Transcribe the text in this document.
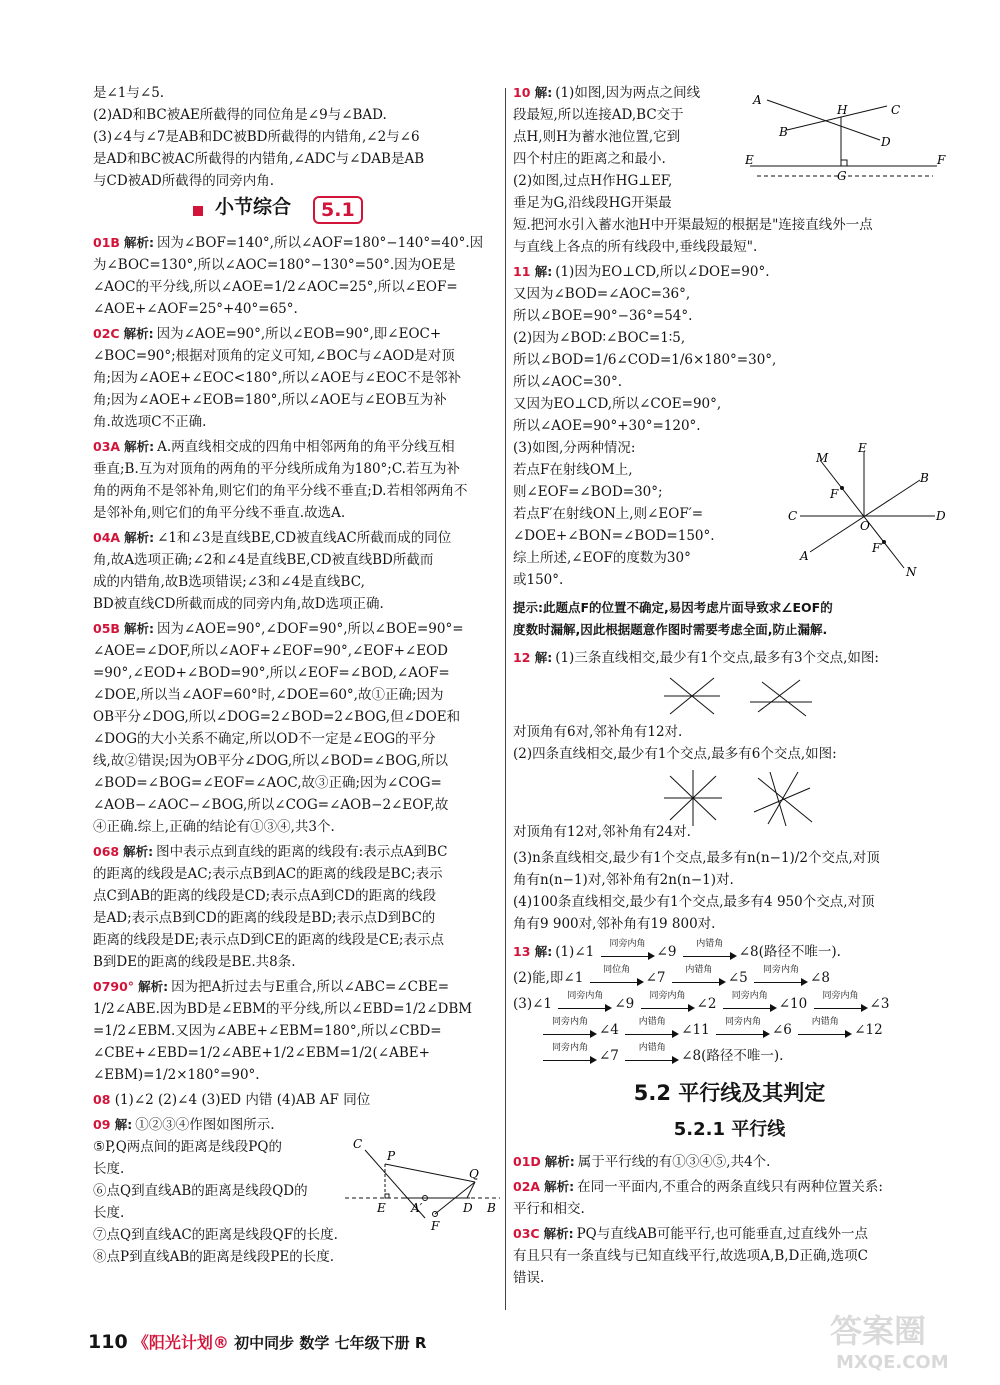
是∠1与∠5.
(2)AD和BC被AE所截得的同位角是∠9与∠BAD.
(3)∠4与∠7是AB和DC被BD所截得的内错角,∠2与∠6
是AD和BC被AC所截得的内错角,∠ADC与∠DAB是AB
与CD被AD所截得的同旁内角.
小节综合	5.1
01B 解析: 因为∠BOF=140°,所以∠AOF=180°−140°=40°.因
为∠BOC=130°,所以∠AOC=180°−130°=50°.因为OE是
∠AOC的平分线,所以∠AOE=1/2∠AOC=25°,所以∠EOF=
∠AOE+∠AOF=25°+40°=65°.
02C 解析: 因为∠AOE=90°,所以∠EOB=90°,即∠EOC+
∠BOC=90°;根据对顶角的定义可知,∠BOC与∠AOD是对顶
角;因为∠AOE+∠EOC<180°,所以∠AOE与∠EOC不是邻补
角;因为∠AOE+∠EOB=180°,所以∠AOE与∠EOB互为补
角.故选项C不正确.
03A 解析: A.两直线相交成的四角中相邻两角的角平分线互相
垂直;B.互为对顶角的两角的平分线所成角为180°;C.若互为补
角的两角不是邻补角,则它们的角平分线不垂直;D.若相邻两角不
是邻补角,则它们的角平分线不垂直.故选A.
04A 解析: ∠1和∠3是直线BE,CD被直线AC所截而成的同位
角,故A选项正确;∠2和∠4是直线BE,CD被直线BD所截而
成的内错角,故B选项错误;∠3和∠4是直线BC,
BD被直线CD所截而成的同旁内角,故D选项正确.
05B 解析: 因为∠AOE=90°,∠DOF=90°,所以∠BOE=90°=
∠AOE=∠DOF,所以∠AOF+∠EOF=90°,∠EOF+∠EOD
=90°,∠EOD+∠BOD=90°,所以∠EOF=∠BOD,∠AOF=
∠DOE,所以当∠AOF=60°时,∠DOE=60°,故①正确;因为
OB平分∠DOG,所以∠DOG=2∠BOD=2∠BOG,但∠DOE和
∠DOG的大小关系不确定,所以OD不一定是∠EOG的平分
线,故②错误;因为OB平分∠DOG,所以∠BOD=∠BOG,所以
∠BOD=∠BOG=∠EOF=∠AOC,故③正确;因为∠COG=
∠AOB−∠AOC−∠BOG,所以∠COG=∠AOB−2∠EOF,故
④正确.综上,正确的结论有①③④,共3个.
068 解析: 图中表示点到直线的距离的线段有:表示点A到BC
的距离的线段是AC;表示点B到AC的距离的线段是BC;表示
点C到AB的距离的线段是CD;表示点A到CD的距离的线段
是AD;表示点B到CD的距离的线段是BD;表示点D到BC的
距离的线段是DE;表示点D到CE的距离的线段是CE;表示点
B到DE的距离的线段是BE.共8条.
0790° 解析: 因为把A折过去与E重合,所以∠ABC=∠CBE=
1/2∠ABE.因为BD是∠EBM的平分线,所以∠EBD=1/2∠DBM
=1/2∠EBM.又因为∠ABE+∠EBM=180°,所以∠CBD=
∠CBE+∠EBD=1/2∠ABE+1/2∠EBM=1/2(∠ABE+
∠EBM)=1/2×180°=90°.
08 (1)∠2 (2)∠4 (3)ED 内错 (4)AB AF 同位
09 解: ①②③④作图如图所示.
⑤P,Q两点间的距离是线段PQ的
长度.
⑥点Q到直线AB的距离是线段QD的
长度.
⑦点Q到直线AC的距离是线段QF的长度.
⑧点P到直线AB的距离是线段PE的长度.
C
P
Q
E A′
F
D B
10 解: (1)如图,因为两点之间线
段最短,所以连接AD,BC交于
点H,则H为蓄水池位置,它到
四个村庄的距离之和最小.
(2)如图,过点H作HG⊥EF,
垂足为G,沿线段HG开渠最
短.把河水引入蓄水池H中开渠最短的根据是"连接直线外一点
与直线上各点的所有线段中,垂线段最短".
11 解: (1)因为EO⊥CD,所以∠DOE=90°.
又因为∠BOD=∠AOC=36°,
所以∠BOE=90°−36°=54°.
(2)因为∠BOD∶∠BOC=1∶5,
所以∠BOD=1/6∠COD=1/6×180°=30°,
所以∠AOC=30°.
又因为EO⊥CD,所以∠COE=90°,
所以∠AOE=90°+30°=120°.
(3)如图,分两种情况:
若点F在射线OM上,
则∠EOF=∠BOD=30°;
若点F′在射线ON上,则∠EOF′=
∠DOE+∠BON=∠BOD=150°.
综上所述,∠EOF的度数为30°
或150°.
提示:此题点F的位置不确定,易因考虑片面导致求∠EOF的
度数时漏解,因此根据题意作图时需要考虑全面,防止漏解.
12 解: (1)三条直线相交,最少有1个交点,最多有3个交点,如图:
对顶角有6对,邻补角有12对.
(2)四条直线相交,最少有1个交点,最多有6个交点,如图:
对顶角有12对,邻补角有24对.
(3)n条直线相交,最少有1个交点,最多有n(n−1)/2个交点,对顶
角有n(n−1)对,邻补角有2n(n−1)对.
(4)100条直线相交,最少有1个交点,最多有4 950个交点,对顶
角有9 900对,邻补角有19 800对.
13 解: (1)∠1
同旁内角
∠9
内错角
∠8(路径不唯一).
(2)能,即∠1
同位角
∠7
内错角
∠5
同旁内角
∠8
(3)∠1
同旁内角
∠9
同旁内角
∠2
同旁内角
∠10
同旁内角
∠3
同旁内角
∠4
内错角
∠11
同旁内角
∠6
内错角
∠12
同旁内角
∠7
内错角
∠8(路径不唯一).
5.2 平行线及其判定
5.2.1 平行线
01D 解析: 属于平行线的有①③④⑤,共4个.
02A 解析: 在同一平面内,不重合的两条直线只有两种位置关系:
平行和相交.
03C 解析: PQ与直线AB可能平行,也可能垂直,过直线外一点
有且只有一条直线与已知直线平行,故选项A,B,D正确,选项C
错误.
A
H	C
B
D
E
G
F
M
E
B
F
C
O
D
A
F′
N
110 《阳光计划® 初中同步 数学 七年级下册 R	答案圈
MXQE.COM
